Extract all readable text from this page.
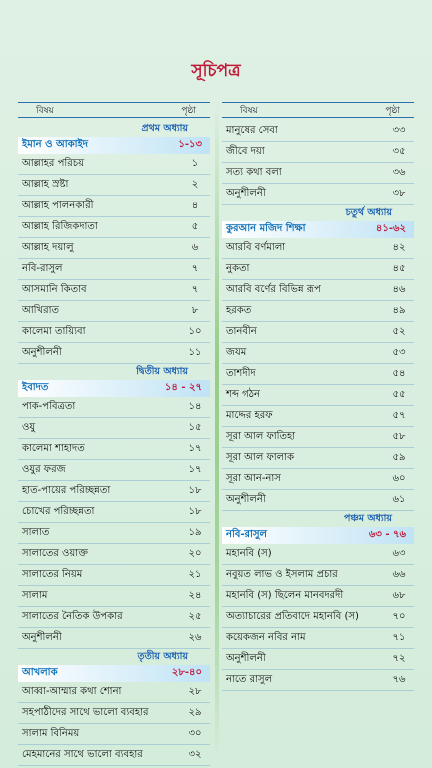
সূচিপত্র
বিষয়	পৃষ্ঠা
প্রথম অধ্যায়
ইমান ও আকাইদ	১-১৩
আল্লাহর পরিচয়	১
আল্লাহ স্রষ্টা	২
আল্লাহ পালনকারী	৪
আল্লাহ রিজিকদাতা	৫
আল্লাহ দয়ালু	৬
নবি-রাসুল	৭
আসমানি কিতাব	৭
আখিরাত	৮
কালেমা তায়্যিবা	১০
অনুশীলনী	১১
দ্বিতীয় অধ্যায়
ইবাদত	১৪ - ২৭
পাক-পবিত্রতা	১৪
ওযু	১৫
কালেমা শাহাদত	১৭
ওযুর ফরজ	১৭
হাত-পায়ের পরিচ্ছন্নতা	১৮
চোখের পরিচ্ছন্নতা	১৮
সালাত	১৯
সালাতের ওয়াক্ত	২০
সালাতের নিয়ম	২১
সালাম	২৪
সালাতের নৈতিক উপকার	২৫
অনুশীলনী	২৬
তৃতীয় অধ্যায়
আখলাক	২৮-৪০
আব্বা-আম্মার কথা শোনা	২৮
সহপাঠীদের সাথে ভালো ব্যবহার	২৯
সালাম বিনিময়	৩০
মেহমানের সাথে ভালো ব্যবহার	৩২
বিষয়	পৃষ্ঠা
মানুষের সেবা	৩৩
জীবে দয়া	৩৫
সত্য কথা বলা	৩৬
অনুশীলনী	৩৮
চতুর্থ অধ্যায়
কুরআন মজিদ শিক্ষা	৪১-৬২
আরবি বর্ণমালা	৪২
নুকতা	৪৫
আরবি বর্ণের বিভিন্ন রূপ	৪৬
হরকত	৪৯
তানবীন	৫২
জযম	৫৩
তাশদীদ	৫৪
শব্দ গঠন	৫৫
মাদ্দের হরফ	৫৭
সূরা আল ফাতিহা	৫৮
সূরা আল ফালাক	৫৯
সূরা আন-নাস	৬০
অনুশীলনী	৬১
পঞ্চম অধ্যায়
নবি-রাসুল	৬৩ - ৭৬
মহানবি (স)	৬৩
নবুয়ত লাভ ও ইসলাম প্রচার	৬৬
মহানবি (স) ছিলেন মানবদরদী	৬৮
অত্যাচারের প্রতিবাদে মহানবি (স)	৭০
কয়েকজন নবির নাম	৭১
অনুশীলনী	৭২
নাতে রাসুল	৭৬
